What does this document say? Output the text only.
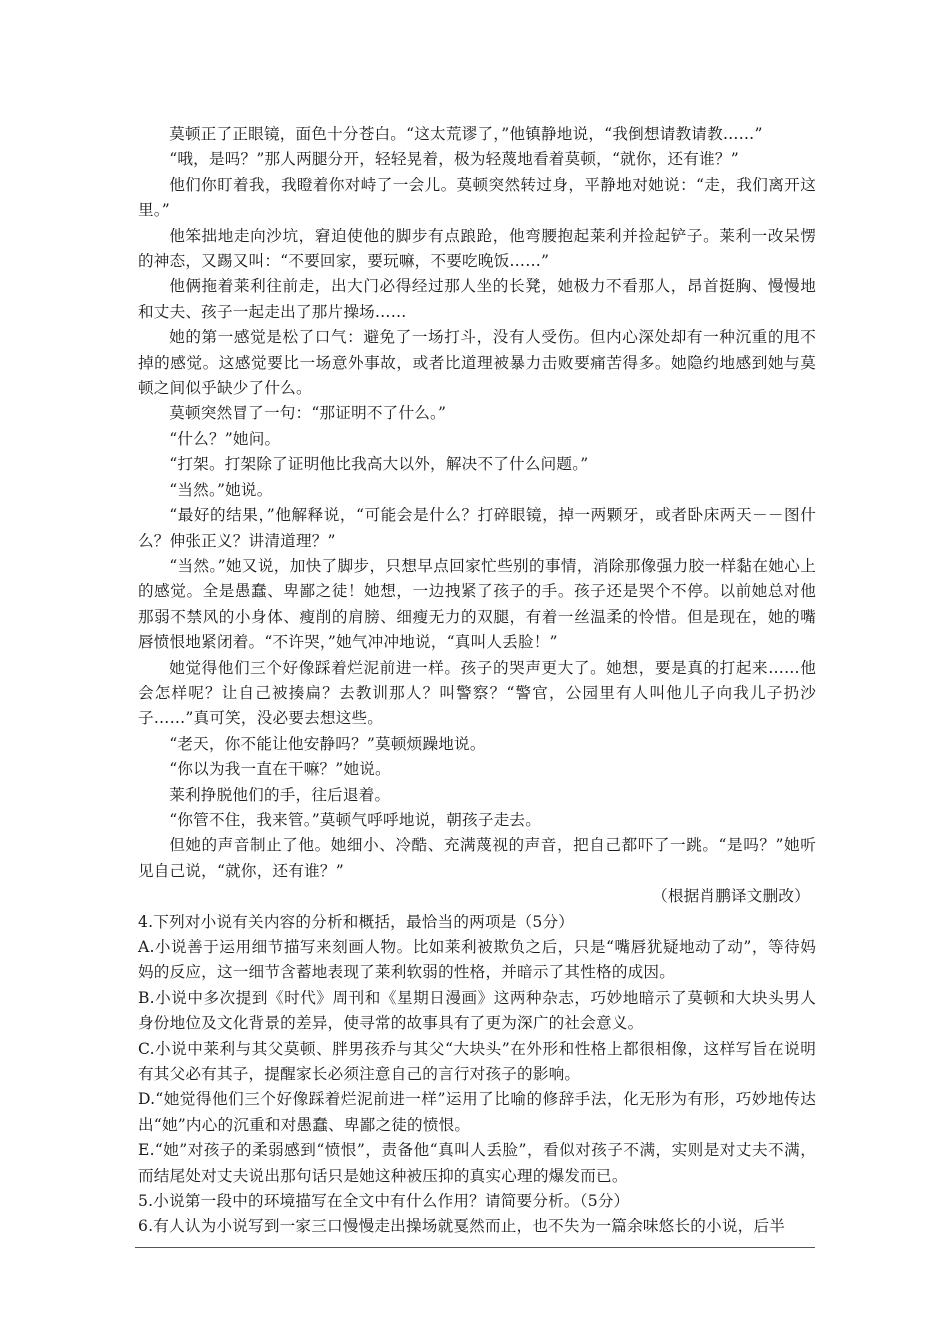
莫顿正了正眼镜，面色十分苍白。“这太荒谬了，”他镇静地说，“我倒想请教请教……”

“哦，是吗？”那人两腿分开，轻轻晃着，极为轻蔑地看着莫顿，“就你，还有谁？”

他们你盯着我，我瞪着你对峙了一会儿。莫顿突然转过身，平静地对她说：“走，我们离开这里。”

他笨拙地走向沙坑，窘迫使他的脚步有点踉跄，他弯腰抱起莱利并捡起铲子。莱利一改呆愣的神态，又踢又叫：“不要回家，要玩嘛，不要吃晚饭……”

他俩拖着莱利往前走，出大门必得经过那人坐的长凳，她极力不看那人，昂首挺胸、慢慢地和丈夫、孩子一起走出了那片操场……

她的第一感觉是松了口气：避免了一场打斗，没有人受伤。但内心深处却有一种沉重的甩不掉的感觉。这感觉要比一场意外事故，或者比道理被暴力击败要痛苦得多。她隐约地感到她与莫顿之间似乎缺少了什么。

莫顿突然冒了一句：“那证明不了什么。”

“什么？”她问。

“打架。打架除了证明他比我高大以外，解决不了什么问题。”

“当然。”她说。

“最好的结果，”他解释说，“可能会是什么？打碎眼镜，掉一两颗牙，或者卧床两天－－图什么？伸张正义？讲清道理？”

“当然。”她又说，加快了脚步，只想早点回家忙些别的事情，消除那像强力胶一样黏在她心上的感觉。全是愚蠢、卑鄙之徒！她想，一边拽紧了孩子的手。孩子还是哭个不停。以前她总对他那弱不禁风的小身体、瘦削的肩膀、细瘦无力的双腿，有着一丝温柔的怜惜。但是现在，她的嘴唇愤恨地紧闭着。“不许哭，”她气冲冲地说，“真叫人丢脸！”

她觉得他们三个好像踩着烂泥前进一样。孩子的哭声更大了。她想，要是真的打起来……他会怎样呢？让自己被揍扁？去教训那人？叫警察？“警官，公园里有人叫他儿子向我儿子扔沙子……”真可笑，没必要去想这些。

“老天，你不能让他安静吗？”莫顿烦躁地说。

“你以为我一直在干嘛？”她说。

莱利挣脱他们的手，往后退着。

“你管不住，我来管。”莫顿气呼呼地说，朝孩子走去。

但她的声音制止了他。她细小、冷酷、充满蔑视的声音，把自己都吓了一跳。“是吗？”她听见自己说，“就你，还有谁？”

（根据肖鹏译文删改）

4.下列对小说有关内容的分析和概括，最恰当的两项是（5分）

A.小说善于运用细节描写来刻画人物。比如莱利被欺负之后，只是“嘴唇犹疑地动了动”，等待妈妈的反应，这一细节含蓄地表现了莱利软弱的性格，并暗示了其性格的成因。

B.小说中多次提到《时代》周刊和《星期日漫画》这两种杂志，巧妙地暗示了莫顿和大块头男人身份地位及文化背景的差异，使寻常的故事具有了更为深广的社会意义。

C.小说中莱利与其父莫顿、胖男孩乔与其父“大块头”在外形和性格上都很相像，这样写旨在说明有其父必有其子，提醒家长必须注意自己的言行对孩子的影响。

D.“她觉得他们三个好像踩着烂泥前进一样”运用了比喻的修辞手法，化无形为有形，巧妙地传达出“她”内心的沉重和对愚蠢、卑鄙之徒的愤恨。

E.“她”对孩子的柔弱感到“愤恨”，责备他“真叫人丢脸”，看似对孩子不满，实则是对丈夫不满，而结尾处对丈夫说出那句话只是她这种被压抑的真实心理的爆发而已。

5.小说第一段中的环境描写在全文中有什么作用？请简要分析。（5分）

6.有人认为小说写到一家三口慢慢走出操场就戛然而止，也不失为一篇余味悠长的小说，后半
